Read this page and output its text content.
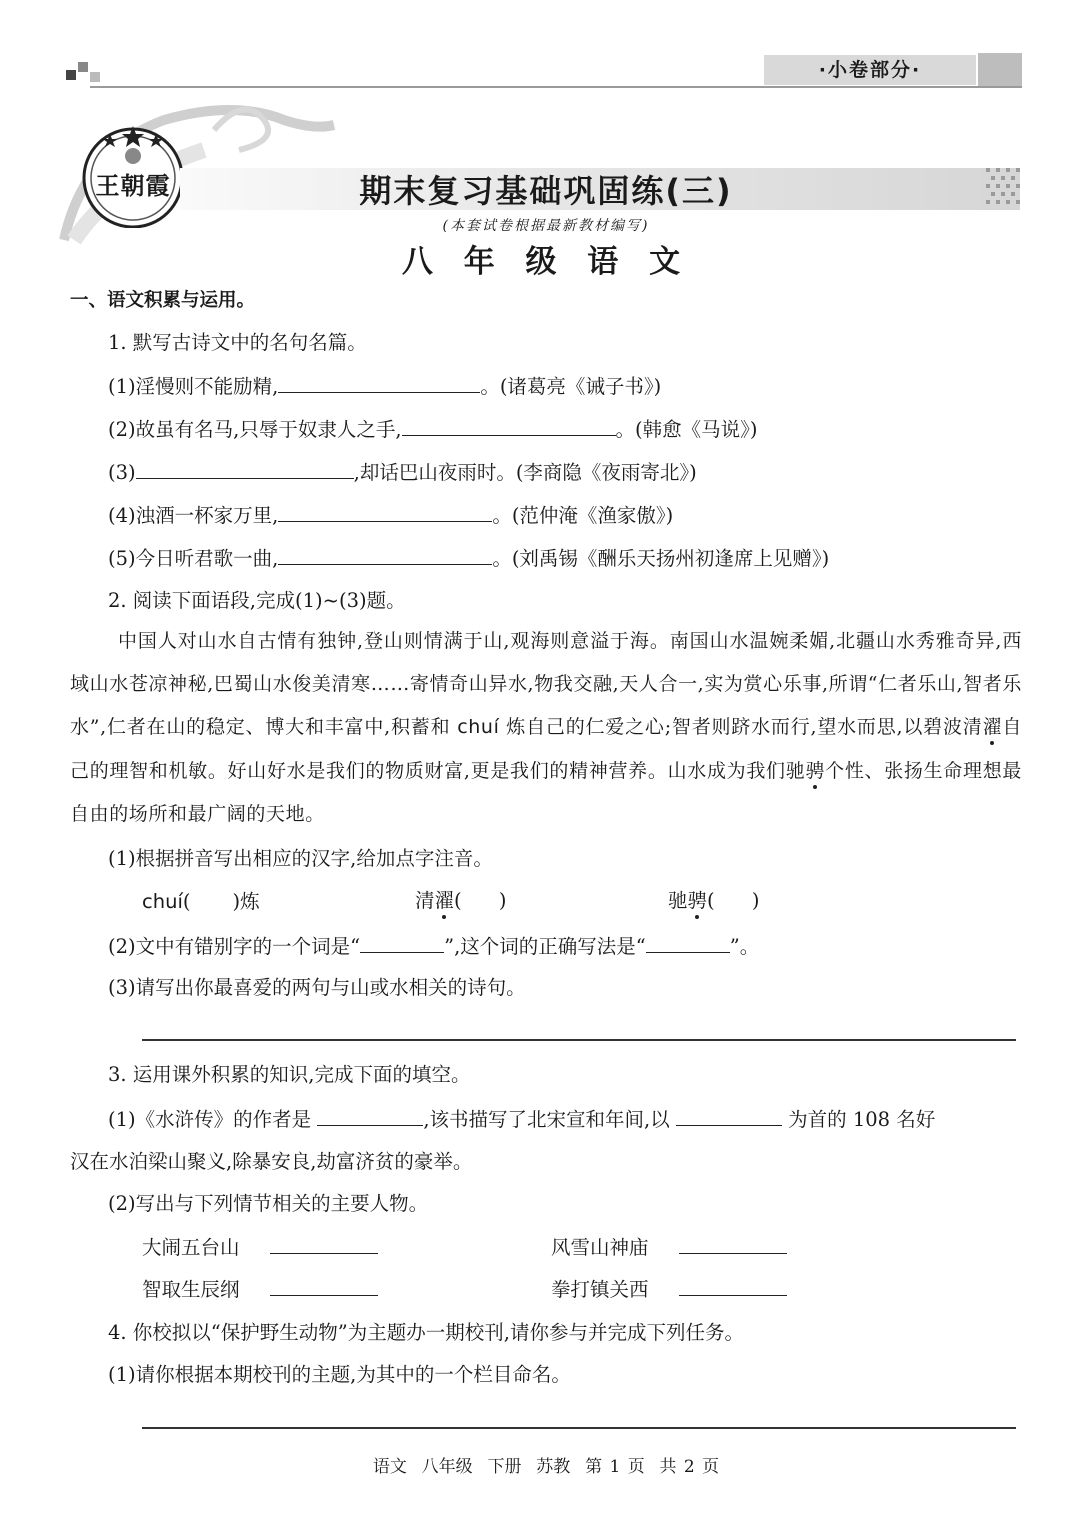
·小卷部分·
王朝霞	期末复习基础巩固练(三)
(本套试卷根据最新教材编写)
八 年 级 语 文
一、语文积累与运用。
1. 默写古诗文中的名句名篇。
(1)淫慢则不能励精,	。(诸葛亮《诫子书》)
(2)故虽有名马,只辱于奴隶人之手,	。(韩愈《马说》)
(3)	,却话巴山夜雨时。(李商隐《夜雨寄北》)
(4)浊酒一杯家万里,	。(范仲淹《渔家傲》)
(5)今日听君歌一曲,	。(刘禹锡《酬乐天扬州初逢席上见赠》)
2. 阅读下面语段,完成(1)~(3)题。
中国人对山水自古情有独钟,登山则情满于山,观海则意溢于海。南国山水温婉柔媚,北疆山水秀雅奇异,西域山水苍凉神秘,巴蜀山水俊美清寒……寄情奇山异水,物我交融,天人合一,实为赏心乐事,所谓“仁者乐山,智者乐水”,仁者在山的稳定、博大和丰富中,积蓄和 chuí 炼自己的仁爱之心;智者则跻水而行,望水而思,以碧波清濯自己的理智和机敏。好山好水是我们的物质财富,更是我们的精神营养。山水成为我们驰骋个性、张扬生命理想最自由的场所和最广阔的天地。
(1)根据拼音写出相应的汉字,给加点字注音。
chuí( )炼	清濯(      )	驰骋(      )
(2)文中有错别字的一个词是“	”,这个词的正确写法是“	”。
(3)请写出你最喜爱的两句与山或水相关的诗句。
3. 运用课外积累的知识,完成下面的填空。
(1)《水浒传》的作者是	,该书描写了北宋宣和年间,以	为首的 108 名好
汉在水泊梁山聚义,除暴安良,劫富济贫的豪举。
(2)写出与下列情节相关的主要人物。
大闹五台山	风雪山神庙
智取生辰纲	拳打镇关西
4. 你校拟以“保护野生动物”为主题办一期校刊,请你参与并完成下列任务。
(1)请你根据本期校刊的主题,为其中的一个栏目命名。
语文  八年级  下册  苏教  第 1 页  共 2 页
